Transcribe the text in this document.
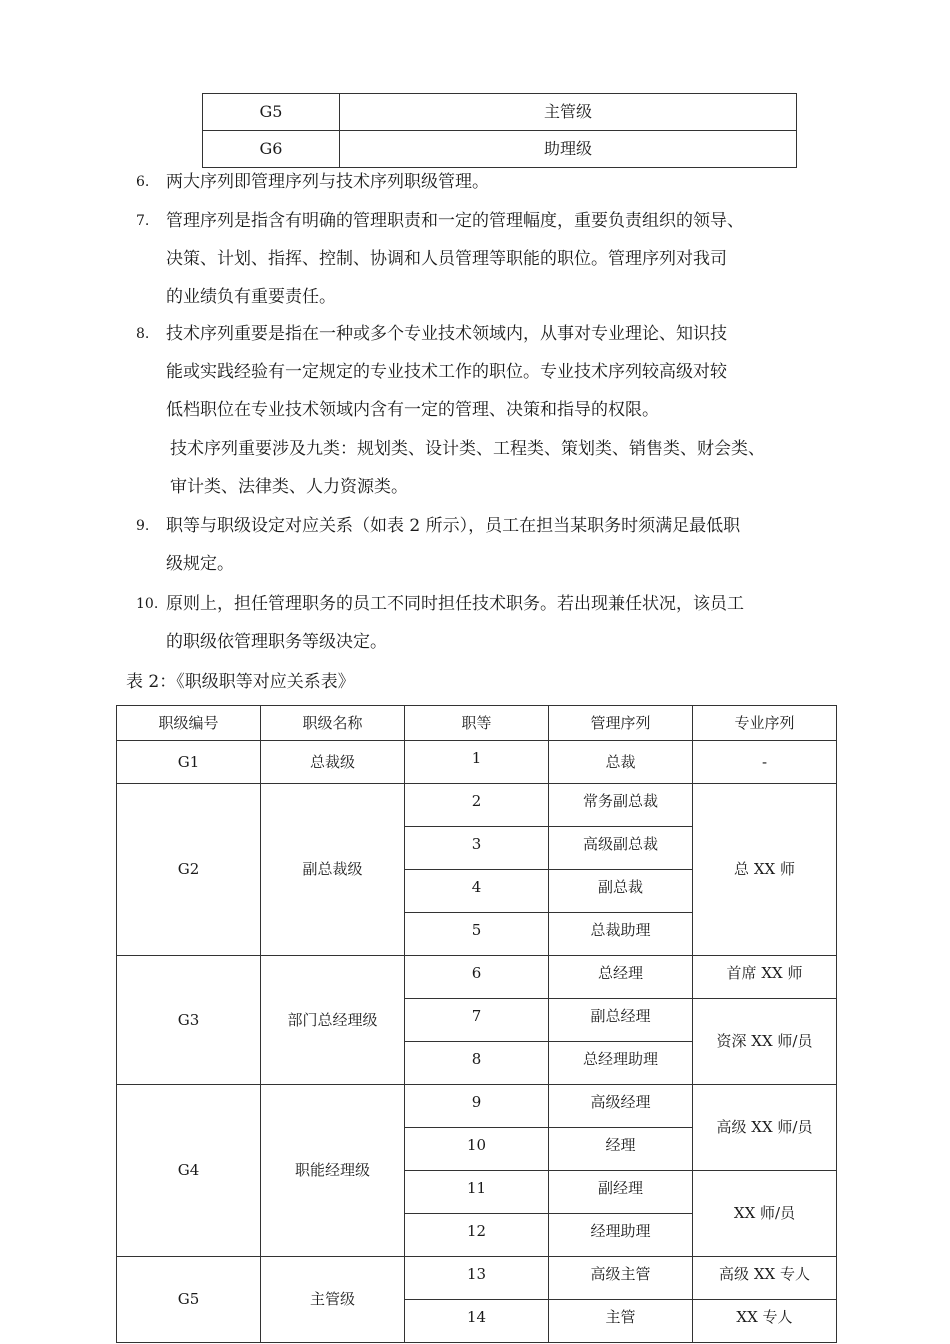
G5	主管级
G6	助理级
6. 两大序列即管理序列与技术序列职级管理。
7. 管理序列是指含有明确的管理职责和一定的管理幅度，重要负责组织的领导、
决策、计划、指挥、控制、协调和人员管理等职能的职位。管理序列对我司
的业绩负有重要责任。
8. 技术序列重要是指在一种或多个专业技术领域内，从事对专业理论、知识技
能或实践经验有一定规定的专业技术工作的职位。专业技术序列较高级对较
低档职位在专业技术领域内含有一定的管理、决策和指导的权限。
技术序列重要涉及九类：规划类、设计类、工程类、策划类、销售类、财会类、
审计类、法律类、人力资源类。
9. 职等与职级设定对应关系（如表 2 所示），员工在担当某职务时须满足最低职
级规定。
10. 原则上，担任管理职务的员工不同时担任技术职务。若出现兼任状况，该员工
的职级依管理职务等级决定。
表 2：《职级职等对应关系表》
职级编号	职级名称	职等	管理序列	专业序列
G1	总裁级	1	总裁	-
G2	副总裁级	2	常务副总裁	总 XX 师
		3	高级副总裁	
		4	副总裁	
		5	总裁助理	
G3	部门总经理级	6	总经理	首席 XX 师
		7	副总经理	资深 XX 师/员
		8	总经理助理	
G4	职能经理级	9	高级经理	高级 XX 师/员
		10	经理	
		11	副经理	XX 师/员
		12	经理助理	
G5	主管级	13	高级主管	高级 XX 专人
		14	主管	XX 专人
